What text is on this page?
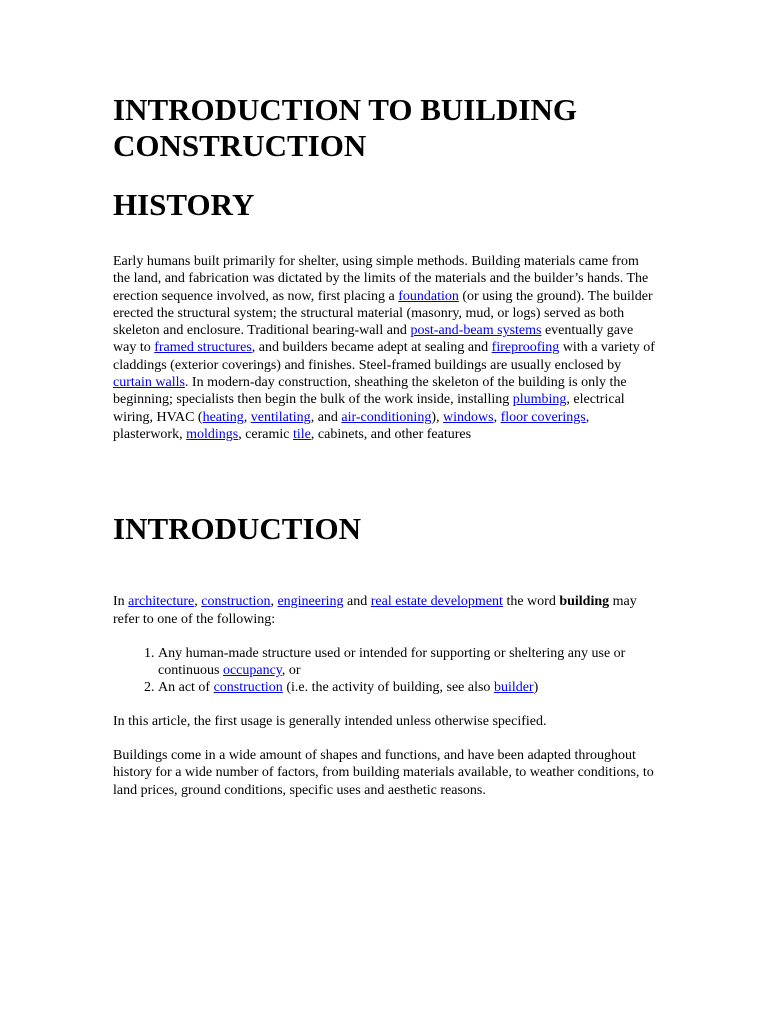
INTRODUCTION TO BUILDING CONSTRUCTION
HISTORY

Early humans built primarily for shelter, using simple methods. Building materials came from the land, and fabrication was dictated by the limits of the materials and the builder’s hands. The erection sequence involved, as now, first placing a foundation (or using the ground). The builder erected the structural system; the structural material (masonry, mud, or logs) served as both skeleton and enclosure. Traditional bearing-wall and post-and-beam systems eventually gave way to framed structures, and builders became adept at sealing and fireproofing with a variety of claddings (exterior coverings) and finishes. Steel-framed buildings are usually enclosed by curtain walls. In modern-day construction, sheathing the skeleton of the building is only the beginning; specialists then begin the bulk of the work inside, installing plumbing, electrical wiring, HVAC (heating, ventilating, and air-conditioning), windows, floor coverings, plasterwork, moldings, ceramic tile, cabinets, and other features

INTRODUCTION

In architecture, construction, engineering and real estate development the word building may refer to one of the following:

1. Any human-made structure used or intended for supporting or sheltering any use or continuous occupancy, or
2. An act of construction (i.e. the activity of building, see also builder)

In this article, the first usage is generally intended unless otherwise specified.

Buildings come in a wide amount of shapes and functions, and have been adapted throughout history for a wide number of factors, from building materials available, to weather conditions, to land prices, ground conditions, specific uses and aesthetic reasons.
